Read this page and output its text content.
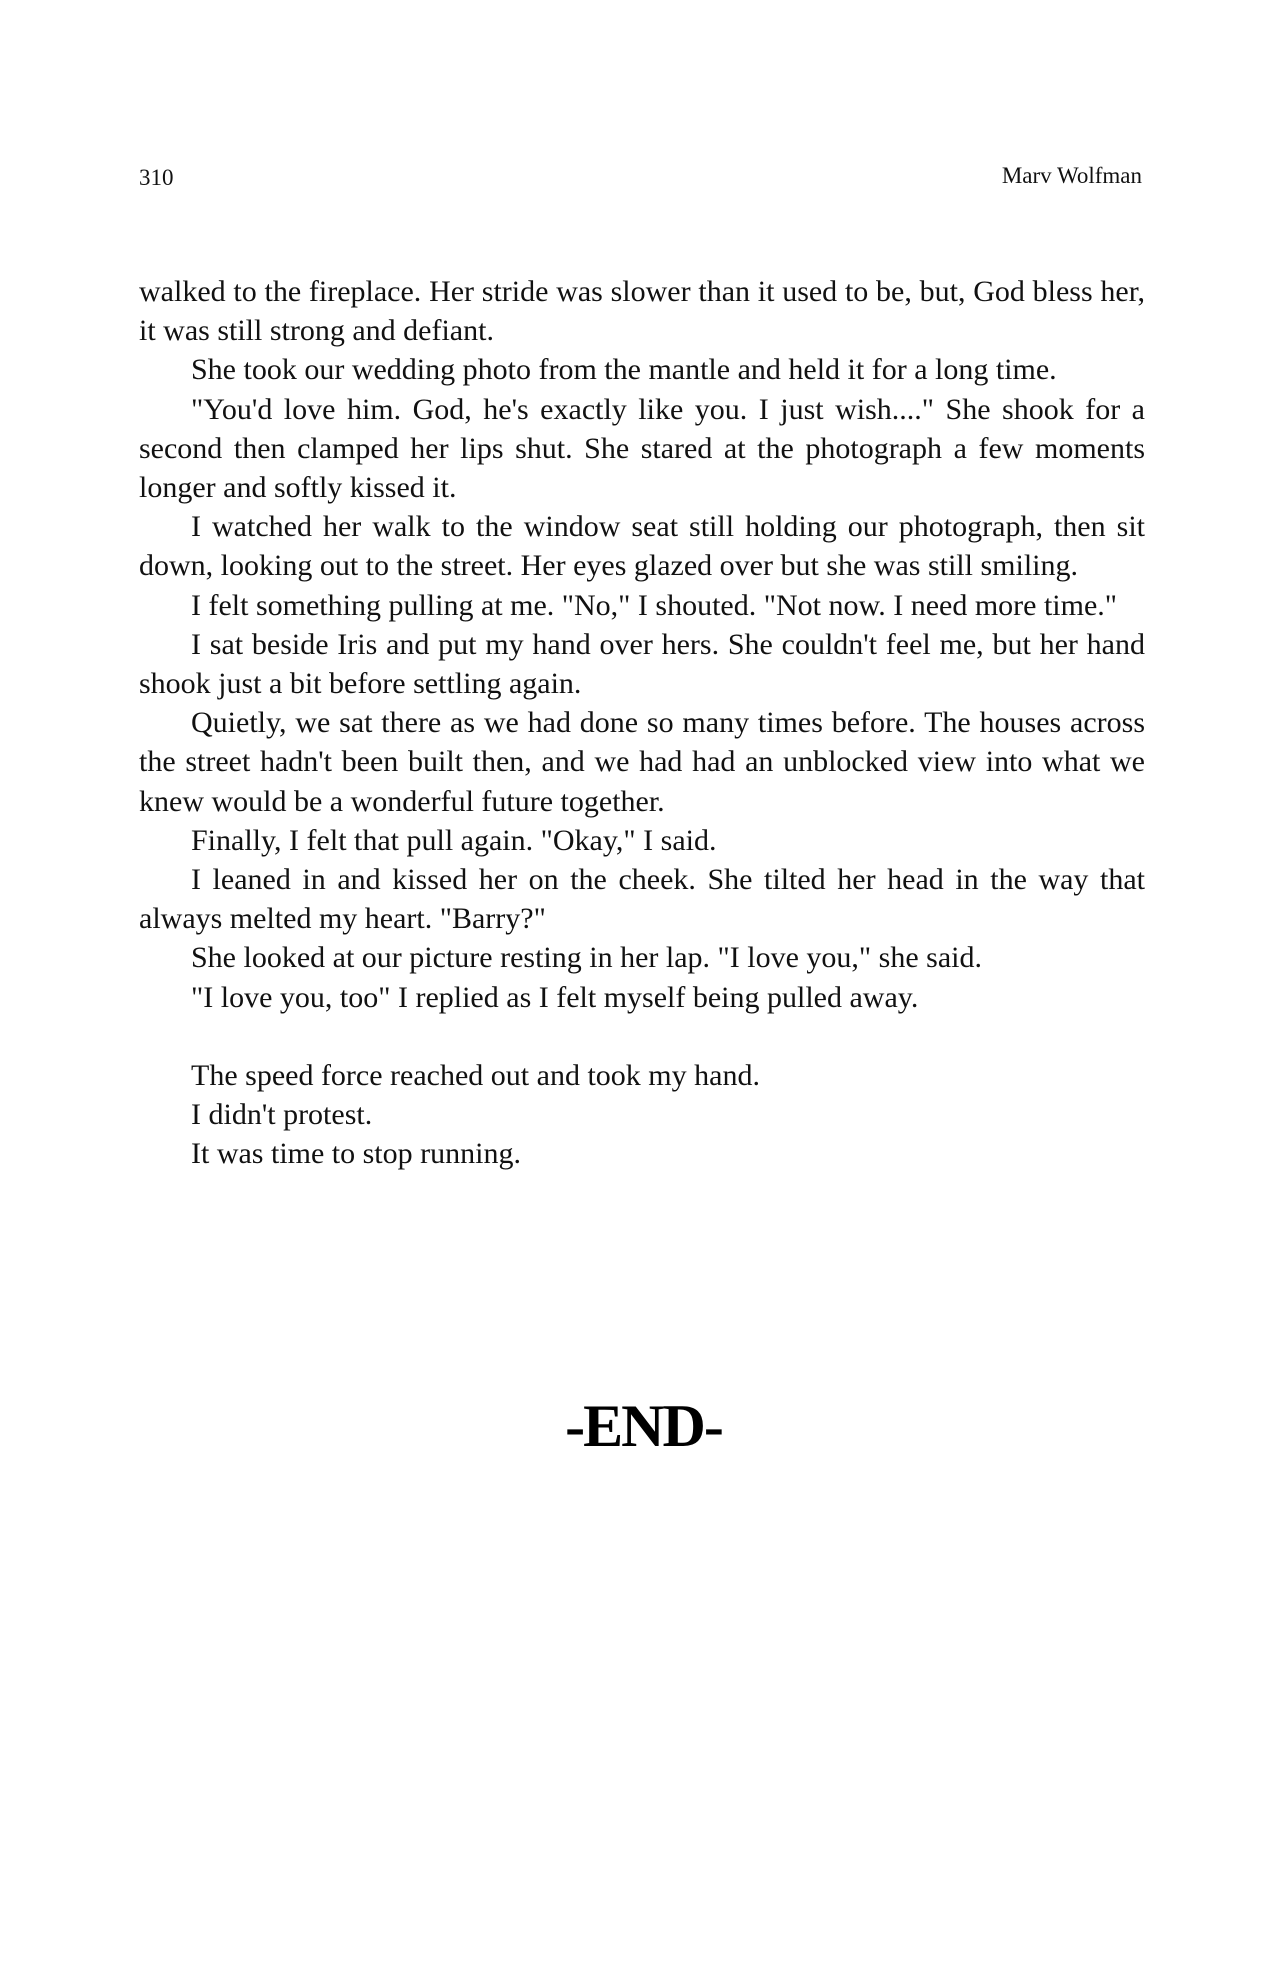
310	Marv Wolfman

walked to the fireplace. Her stride was slower than it used to be, but, God bless her, it was still strong and defiant.

She took our wedding photo from the mantle and held it for a long time.

"You'd love him. God, he's exactly like you. I just wish...." She shook for a second then clamped her lips shut. She stared at the photograph a few moments longer and softly kissed it.

I watched her walk to the window seat still holding our photograph, then sit down, looking out to the street. Her eyes glazed over but she was still smiling.

I felt something pulling at me. "No," I shouted. "Not now. I need more time."

I sat beside Iris and put my hand over hers. She couldn't feel me, but her hand shook just a bit before settling again.

Quietly, we sat there as we had done so many times before. The houses across the street hadn't been built then, and we had had an unblocked view into what we knew would be a wonderful future together.

Finally, I felt that pull again. "Okay," I said.

I leaned in and kissed her on the cheek. She tilted her head in the way that always melted my heart. "Barry?"

She looked at our picture resting in her lap. "I love you," she said.

"I love you, too" I replied as I felt myself being pulled away.

The speed force reached out and took my hand.

I didn't protest.

It was time to stop running.

-END-
